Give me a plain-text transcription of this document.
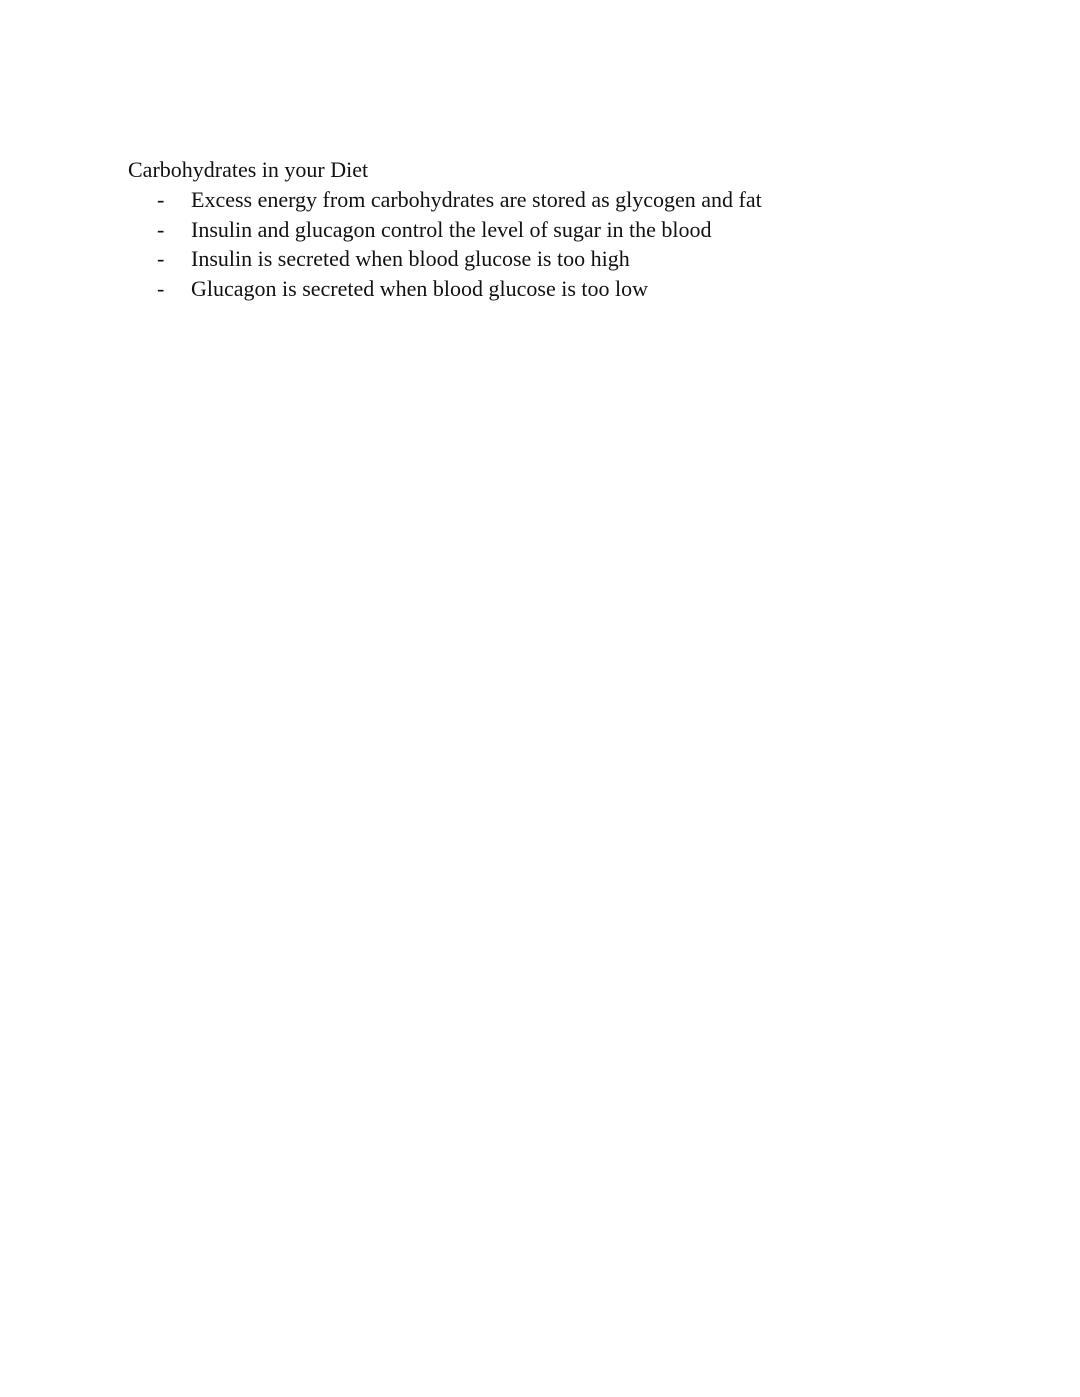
Carbohydrates in your Diet

- Excess energy from carbohydrates are stored as glycogen and fat
- Insulin and glucagon control the level of sugar in the blood
- Insulin is secreted when blood glucose is too high
- Glucagon is secreted when blood glucose is too low
